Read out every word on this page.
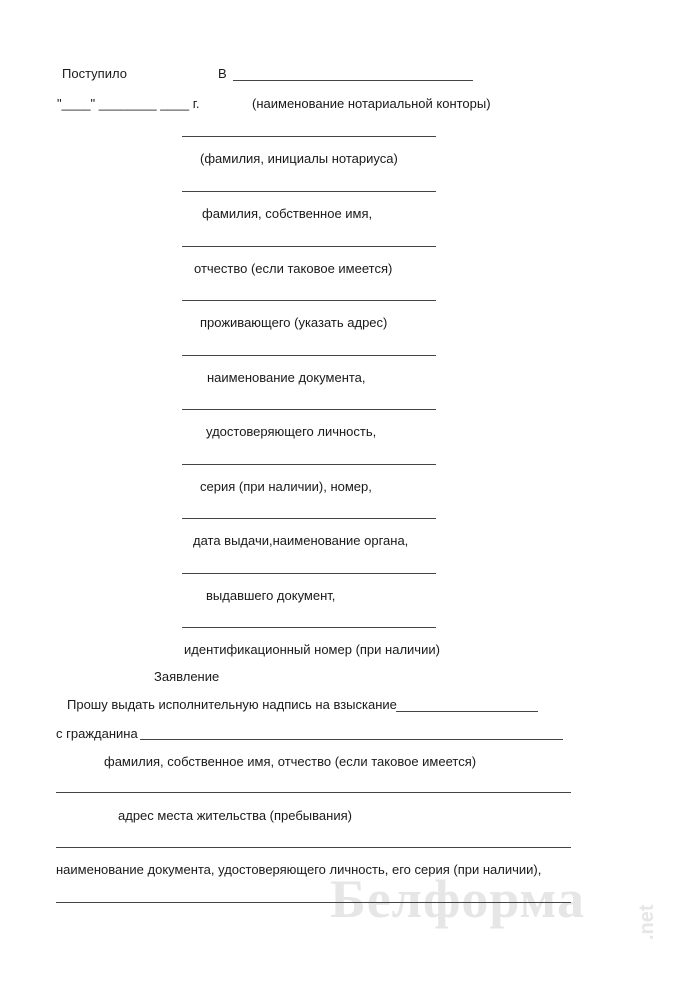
Белформа	.net
Поступило	В
"____" ________ ____ г.	(наименование нотариальной конторы)
(фамилия, инициалы нотариуса)
фамилия, собственное имя,
отчество (если таковое имеется)
проживающего (указать адрес)
наименование документа,
удостоверяющего личность,
серия (при наличии), номер,
дата выдачи,наименование органа,
выдавшего документ,
идентификационный номер (при наличии)
Заявление
Прошу выдать исполнительную надпись на взыскание
с гражданина
фамилия, собственное имя, отчество (если таковое имеется)
адрес места жительства (пребывания)
наименование документа, удостоверяющего личность, его серия (при наличии),
